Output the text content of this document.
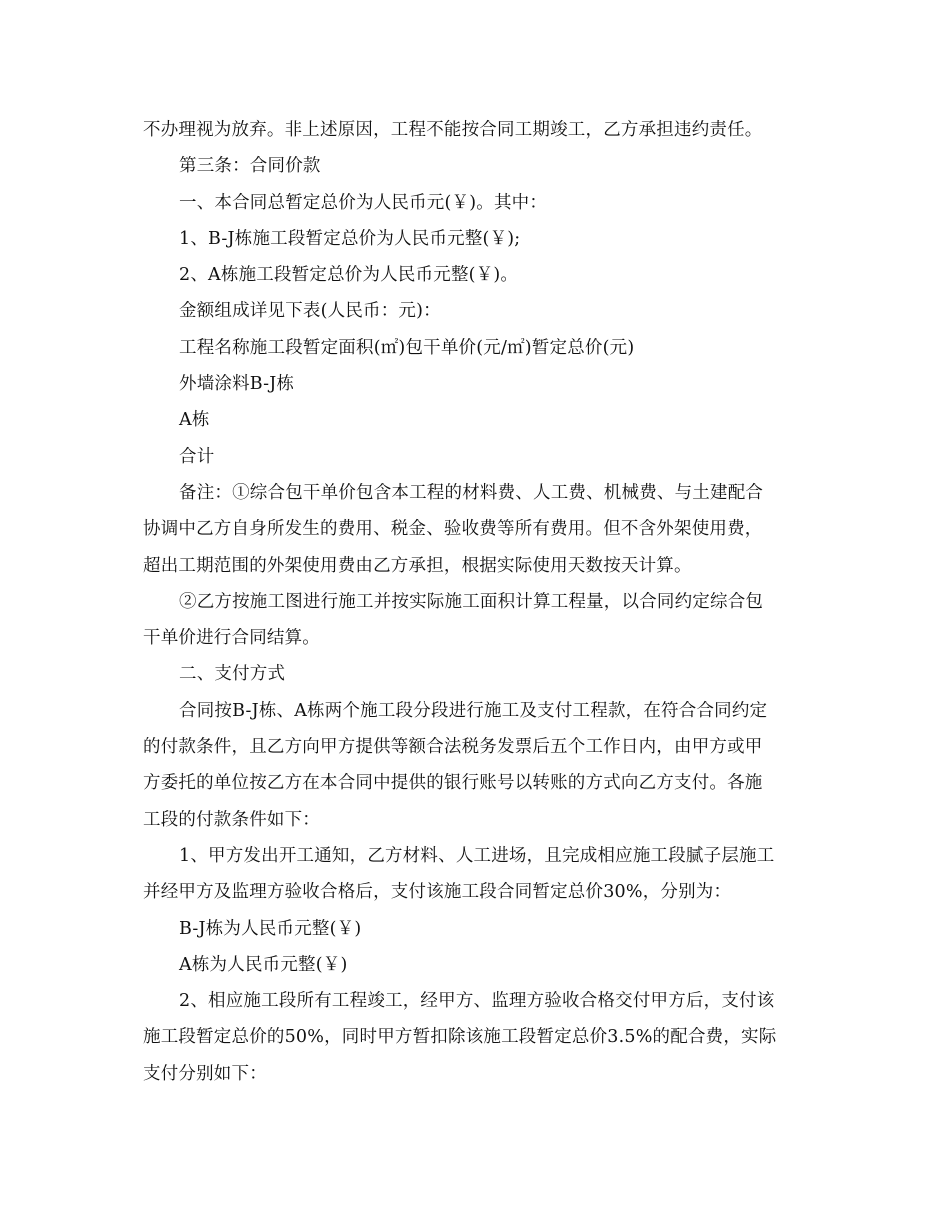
不办理视为放弃。非上述原因，工程不能按合同工期竣工，乙方承担违约责任。
第三条：合同价款
一、本合同总暂定总价为人民币元(￥)。其中：
1、B-J栋施工段暂定总价为人民币元整(￥);
2、A栋施工段暂定总价为人民币元整(￥)。
金额组成详见下表(人民币：元)：
工程名称施工段暂定面积(㎡)包干单价(元/㎡)暂定总价(元)
外墙涂料B-J栋
A栋
合计
备注：①综合包干单价包含本工程的材料费、人工费、机械费、与土建配合
协调中乙方自身所发生的费用、税金、验收费等所有费用。但不含外架使用费，
超出工期范围的外架使用费由乙方承担，根据实际使用天数按天计算。
②乙方按施工图进行施工并按实际施工面积计算工程量，以合同约定综合包
干单价进行合同结算。
二、支付方式
合同按B-J栋、A栋两个施工段分段进行施工及支付工程款，在符合合同约定
的付款条件，且乙方向甲方提供等额合法税务发票后五个工作日内，由甲方或甲
方委托的单位按乙方在本合同中提供的银行账号以转账的方式向乙方支付。各施
工段的付款条件如下：
1、甲方发出开工通知，乙方材料、人工进场，且完成相应施工段腻子层施工
并经甲方及监理方验收合格后，支付该施工段合同暂定总价30%，分别为：
B-J栋为人民币元整(￥)
A栋为人民币元整(￥)
2、相应施工段所有工程竣工，经甲方、监理方验收合格交付甲方后，支付该
施工段暂定总价的50%，同时甲方暂扣除该施工段暂定总价3.5%的配合费，实际
支付分别如下：
